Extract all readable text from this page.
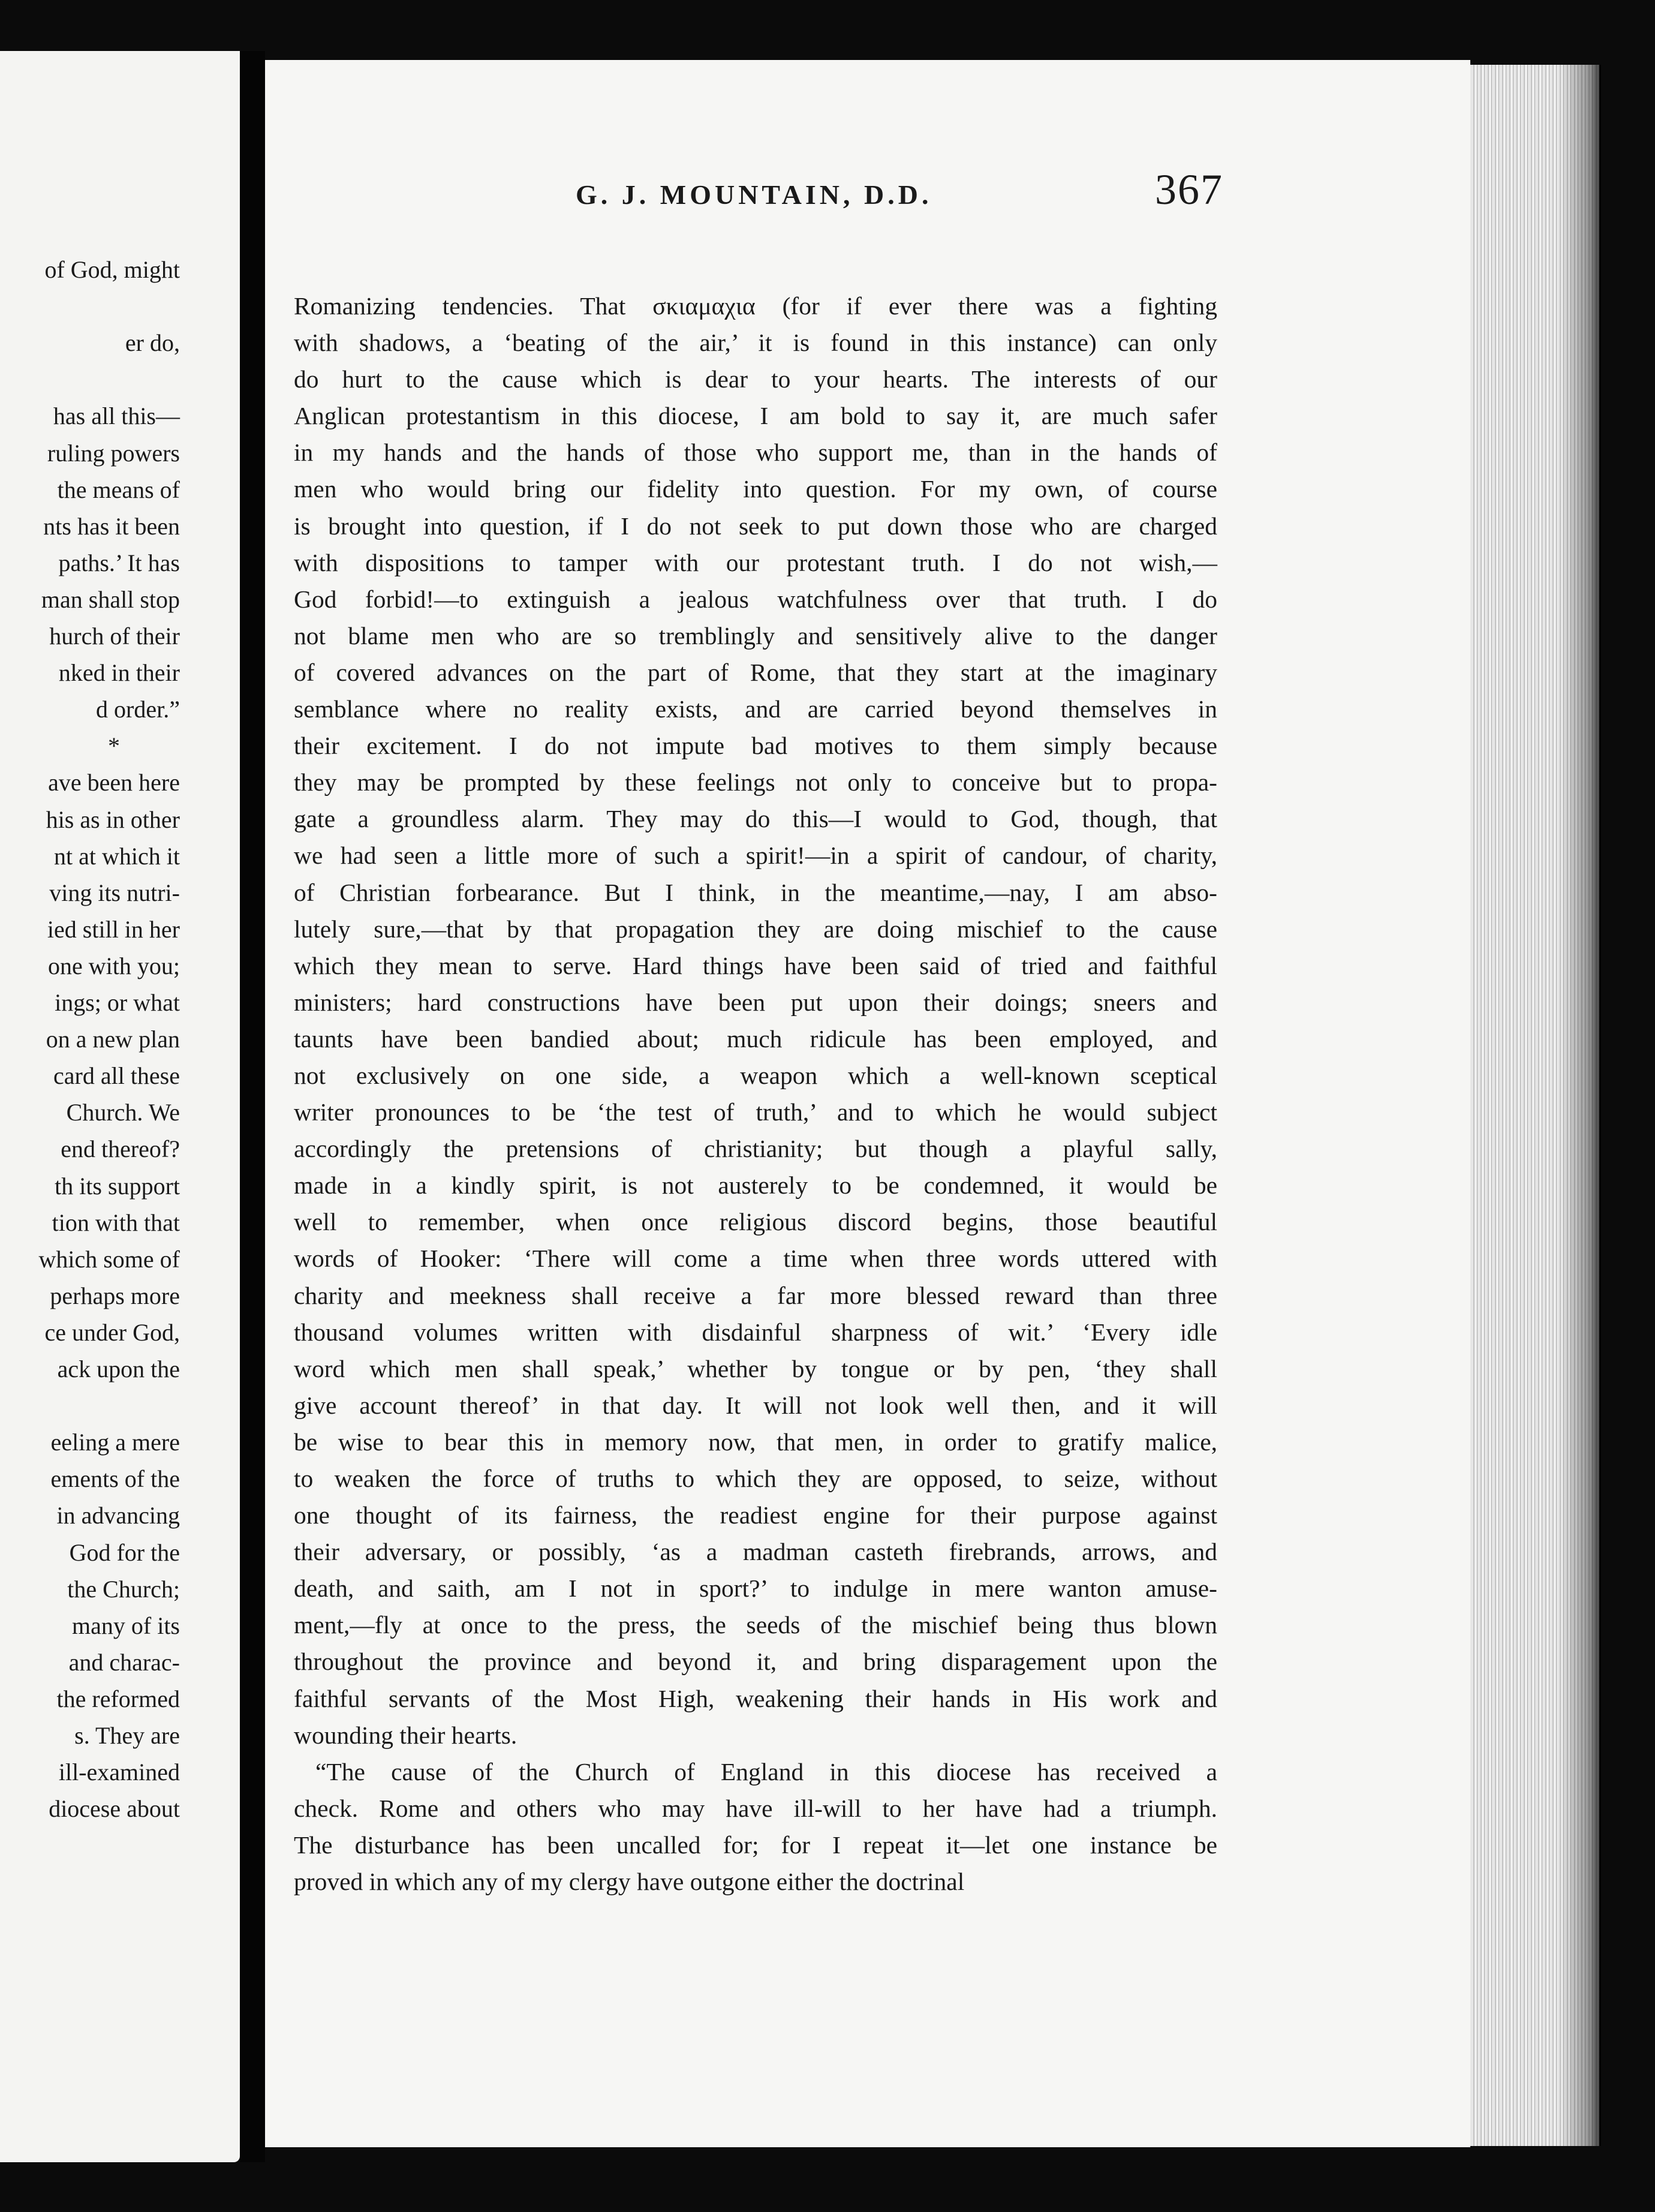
of God, might
er do,
has all this—
ruling powers
the means of
nts has it been
paths.’ It has
man shall stop
hurch of their
nked in their
d order.”
*
ave been here
his as in other
nt at which it
ving its nutri-
ied still in her
one with you;
ings; or what
on a new plan
card all these
Church. We
end thereof?
th its support
tion with that
which some of
perhaps more
ce under God,
ack upon the
eeling a mere
ements of the
in advancing
God for the
the Church;
many of its
and charac-
the reformed
s. They are
ill-examined
diocese about
G. J. MOUNTAIN, D.D.	367
Romanizing tendencies. That σκιαμαχια (for if ever there was a fighting
with shadows, a ‘beating of the air,’ it is found in this instance) can only
do hurt to the cause which is dear to your hearts. The interests of our
Anglican protestantism in this diocese, I am bold to say it, are much safer
in my hands and the hands of those who support me, than in the hands of
men who would bring our fidelity into question. For my own, of course
is brought into question, if I do not seek to put down those who are charged
with dispositions to tamper with our protestant truth. I do not wish,—
God forbid!—to extinguish a jealous watchfulness over that truth. I do
not blame men who are so tremblingly and sensitively alive to the danger
of covered advances on the part of Rome, that they start at the imaginary
semblance where no reality exists, and are carried beyond themselves in
their excitement. I do not impute bad motives to them simply because
they may be prompted by these feelings not only to conceive but to propa-
gate a groundless alarm. They may do this—I would to God, though, that
we had seen a little more of such a spirit!—in a spirit of candour, of charity,
of Christian forbearance. But I think, in the meantime,—nay, I am abso-
lutely sure,—that by that propagation they are doing mischief to the cause
which they mean to serve. Hard things have been said of tried and faithful
ministers; hard constructions have been put upon their doings; sneers and
taunts have been bandied about; much ridicule has been employed, and
not exclusively on one side, a weapon which a well-known sceptical
writer pronounces to be ‘the test of truth,’ and to which he would subject
accordingly the pretensions of christianity; but though a playful sally,
made in a kindly spirit, is not austerely to be condemned, it would be
well to remember, when once religious discord begins, those beautiful
words of Hooker: ‘There will come a time when three words uttered with
charity and meekness shall receive a far more blessed reward than three
thousand volumes written with disdainful sharpness of wit.’ ‘Every idle
word which men shall speak,’ whether by tongue or by pen, ‘they shall
give account thereof’ in that day. It will not look well then, and it will
be wise to bear this in memory now, that men, in order to gratify malice,
to weaken the force of truths to which they are opposed, to seize, without
one thought of its fairness, the readiest engine for their purpose against
their adversary, or possibly, ‘as a madman casteth firebrands, arrows, and
death, and saith, am I not in sport?’ to indulge in mere wanton amuse-
ment,—fly at once to the press, the seeds of the mischief being thus blown
throughout the province and beyond it, and bring disparagement upon the
faithful servants of the Most High, weakening their hands in His work and
wounding their hearts.
“The cause of the Church of England in this diocese has received a
check. Rome and others who may have ill-will to her have had a triumph.
The disturbance has been uncalled for; for I repeat it—let one instance be
proved in which any of my clergy have outgone either the doctrinal
